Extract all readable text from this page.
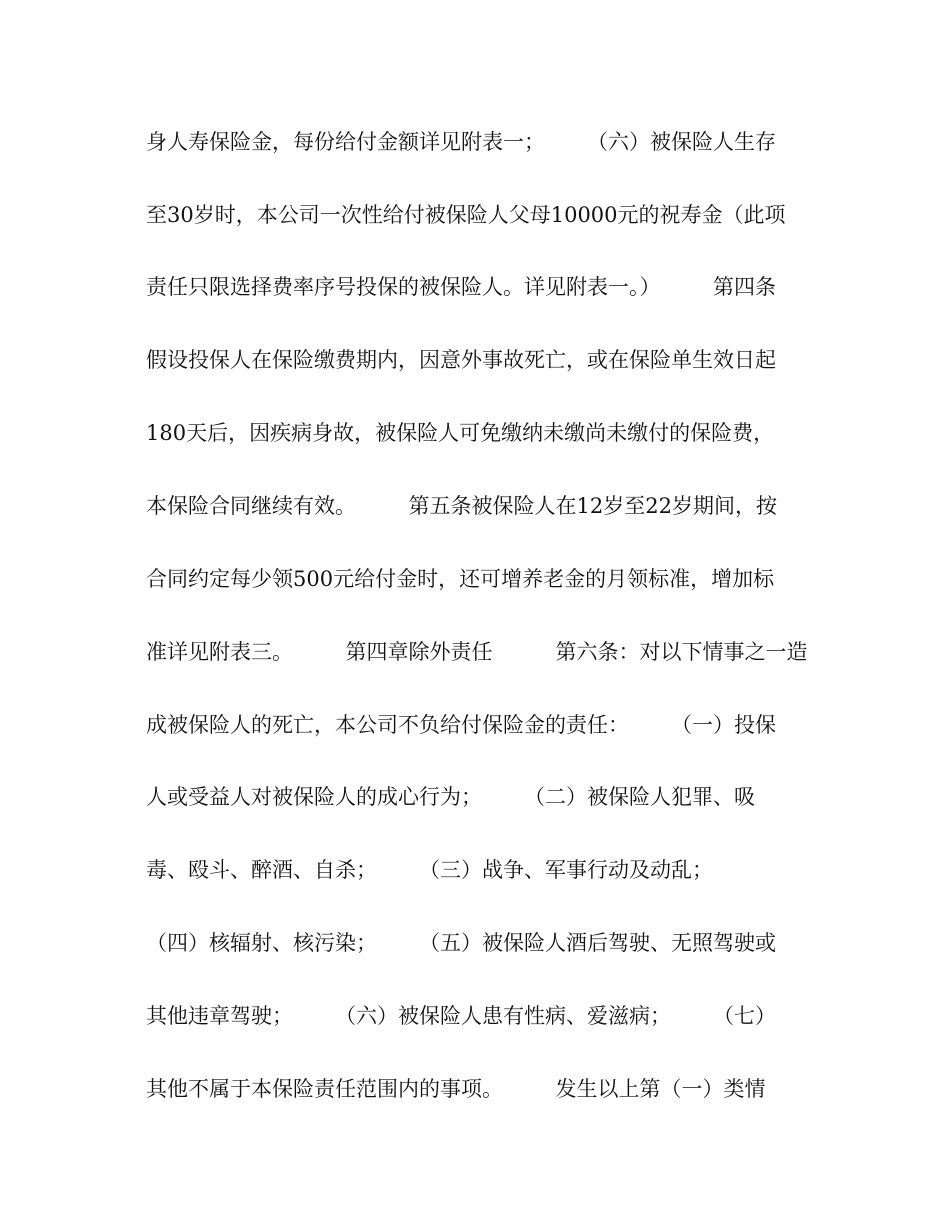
身人寿保险金，每份给付金额详见附表一；　　　（六）被保险人生存
至30岁时，本公司一次性给付被保险人父母10000元的祝寿金（此项
责任只限选择费率序号投保的被保险人。详见附表一。）　　　第四条
假设投保人在保险缴费期内，因意外事故死亡，或在保险单生效日起
180天后，因疾病身故，被保险人可免缴纳未缴尚未缴付的保险费，
本保险合同继续有效。　　　第五条被保险人在12岁至22岁期间，按
合同约定每少领500元给付金时，还可增养老金的月领标准，增加标
准详见附表三。　　　第四章除外责任　　　第六条：对以下情事之一造
成被保险人的死亡，本公司不负给付保险金的责任：　　　（一）投保
人或受益人对被保险人的成心行为；　　　（二）被保险人犯罪、吸
毒、殴斗、醉酒、自杀；　　　（三）战争、军事行动及动乱；
（四）核辐射、核污染；　　　（五）被保险人酒后驾驶、无照驾驶或
其他违章驾驶；　　　（六）被保险人患有性病、爱滋病；　　　（七）
其他不属于本保险责任范围内的事项。　　　发生以上第（一）类情
